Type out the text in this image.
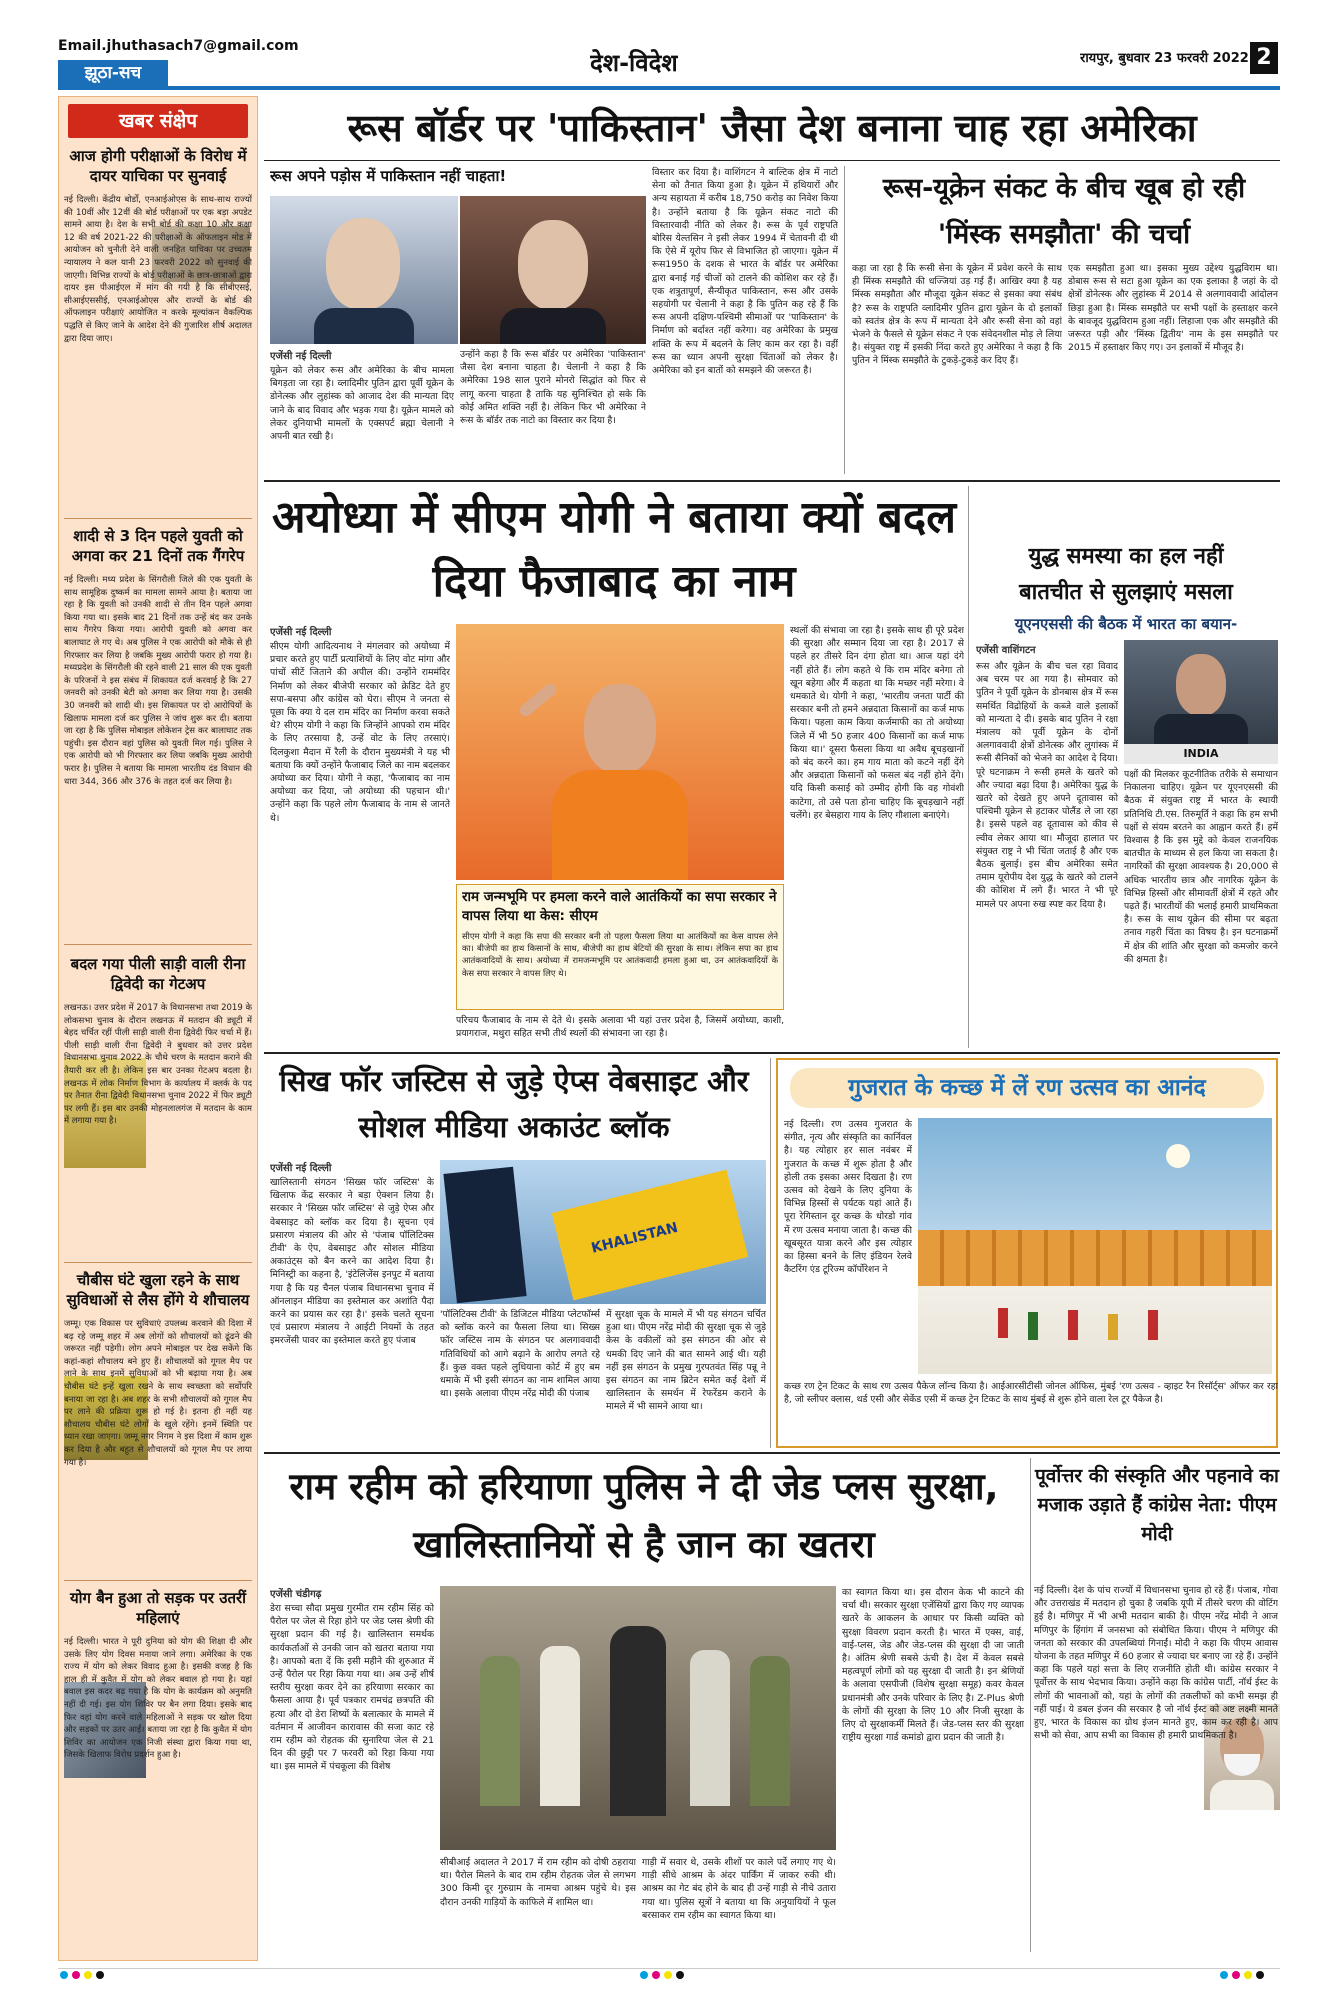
Email.jhuthasach7@gmail.com
झूठा-सच	देश-विदेश	रायपुर, बुधवार 23 फरवरी 2022 2
खबर संक्षेप
आज होगी परीक्षाओं के विरोध में दायर याचिका पर सुनवाई
नई दिल्ली। केंद्रीय बोर्डों, एनआईओएस के साथ-साथ राज्यों की 10वीं और 12वीं की बोर्ड परीक्षाओं पर एक बड़ा अपडेट सामने आया है। देश के सभी बोर्ड की कक्षा 10 और कक्षा 12 की वर्ष 2021-22 की परीक्षाओं के ऑफलाइन मोड में आयोजन को चुनौती देने वाली जनहित याचिका पर उच्चतम न्यायालय ने कल यानी 23 फरवरी 2022 को सुनवाई की जाएगी। विभिन्न राज्यों के बोर्ड परीक्षाओं के छात्र-छात्राओं द्वारा दायर इस पीआईएल में मांग की गयी है कि सीबीएसई, सीआईएससीई, एनआईओएस और राज्यों के बोर्ड की ऑफलाइन परीक्षाएं आयोजित न करके मूल्यांकन वैकल्पिक पद्धति से किए जाने के आदेश देने की गुजारिश शीर्ष अदालत द्वारा दिया जाए।
शादी से 3 दिन पहले युवती को अगवा कर 21 दिनों तक गैंगरेप
नई दिल्ली। मध्य प्रदेश के सिंगरौली जिले की एक युवती के साथ सामूहिक दुष्कर्म का मामला सामने आया है। बताया जा रहा है कि युवती को उनकी शादी से तीन दिन पहले अगवा किया गया था। इसके बाद 21 दिनों तक उन्हें बंद कर उनके साथ गैंगरेप किया गया। आरोपी युवती को अगवा कर बालाघाट ले गए थे। अब पुलिस ने एक आरोपी को मौके से ही गिरफ्तार कर लिया है जबकि मुख्य आरोपी फरार हो गया है। मध्यप्रदेश के सिंगरौली की रहने वाली 21 साल की एक युवती के परिजनों ने इस संबंध में शिकायत दर्ज करवाई है कि 27 जनवरी को उनकी बेटी को अगवा कर लिया गया है। उसकी 30 जनवरी को शादी थी। इस शिकायत पर दो आरोपियों के खिलाफ मामला दर्ज कर पुलिस ने जांच शुरू कर दी। बताया जा रहा है कि पुलिस मोबाइल लोकेशन ट्रेस कर बालाघाट तक पहुंची। इस दौरान वहां पुलिस को युवती मिल गई। पुलिस ने एक आरोपी को भी गिरफ्तार कर लिया जबकि मुख्य आरोपी फरार है। पुलिस ने बताया कि मामला भारतीय दंड विधान की धारा 344, 366 और 376 के तहत दर्ज कर लिया है।
बदल गया पीली साड़ी वाली रीना द्विवेदी का गेटअप
लखनऊ। उत्तर प्रदेश में 2017 के विधानसभा तथा 2019 के लोकसभा चुनाव के दौरान लखनऊ में मतदान की ड्यूटी में बेहद चर्चित रहीं पीली साड़ी वाली रीना द्विवेदी फिर चर्चा में हैं। पीली साड़ी वाली रीना द्विवेदी ने बुधवार को उत्तर प्रदेश विधानसभा चुनाव 2022 के चौथे चरण के मतदान कराने की तैयारी कर ली है। लेकिन इस बार उनका गेटअप बदला है। लखनऊ में लोक निर्माण विभाग के कार्यालय में क्लर्क के पद पर तैनात रीना द्विवेदी विधानसभा चुनाव 2022 में फिर ड्यूटी पर लगी हैं। इस बार उनकी मोहनलालगंज में मतदान के काम में लगाया गया है।
चौबीस घंटे खुला रहने के साथ सुविधाओं से लैस होंगे ये शौचालय
जम्मू। एक विकास पर सुविधाएं उपलब्ध करवाने की दिशा में बढ़ रहे जम्मू शहर में अब लोगों को शौचालयों को ढूंढने की जरूरत नहीं पड़ेगी। लोग अपने मोबाइल पर देख सकेंगे कि कहां-कहां शौचालय बने हुए हैं। शौचालयों को गूगल मैप पर लाने के साथ इनमें सुविधाओं को भी बढ़ाया गया है। अब चौबीस घंटे इन्हें खुला रखने के साथ स्वच्छता को सर्वोपरि बनाया जा रहा है। अब शहर के सभी शौचालयों को गूगल मैप पर लाने की प्रक्रिया शुरू हो गई है। इतना ही नहीं यह शौचालय चौबीस घंटे लोगों के खुले रहेंगे। इनमें स्थिति पर ध्यान रखा जाएगा। जम्मू नगर निगम ने इस दिशा में काम शुरू कर दिया है और बहुत से शौचालयों को गूगल मैप पर लाया गया है।
योग बैन हुआ तो सड़क पर उतरीं महिलाएं
नई दिल्ली। भारत ने पूरी दुनिया को योग की शिक्षा दी और उसके लिए योग दिवस मनाया जाने लगा। अमेरिका के एक राज्य में योग को लेकर विवाद हुआ है। इसकी वजह है कि हाल ही में कुवैत में योग को लेकर बवाल हो गया है। यहां बवाल इस कदर बढ़ गया है कि योग के कार्यक्रम को अनुमति नहीं दी गई। इस योग शिविर पर बैन लगा दिया। इसके बाद फिर वहां योग करने वाले महिलाओं ने सड़क पर खोल दिया और सड़कों पर उतर आईं। बताया जा रहा है कि कुवैत में योग शिविर का आयोजन एक निजी संस्था द्वारा किया गया था, जिसके खिलाफ विरोध प्रदर्शन हुआ है।
रूस बॉर्डर पर 'पाकिस्तान' जैसा देश बनाना चाह रहा अमेरिका
रूस अपने पड़ोस में पाकिस्तान नहीं चाहता!
एजेंसी नई दिल्ली
यूक्रेन को लेकर रूस और अमेरिका के बीच मामला बिगड़ता जा रहा है। व्लादिमीर पुतिन द्वारा पूर्वी यूक्रेन के डोनेत्स्क और लुहांस्क को आजाद देश की मान्यता दिए जाने के बाद विवाद और भड़क गया है। यूक्रेन मामले को लेकर दुनियाभी मामलों के एक्सपर्ट ब्रह्मा चेलानी ने अपनी बात रखी है।
उन्होंने कहा है कि रूस बॉर्डर पर अमेरिका 'पाकिस्तान' जैसा देश बनाना चाहता है। चेलानी ने कहा है कि अमेरिका 198 साल पुराने मोनरो सिद्धांत को फिर से लागू करना चाहता है ताकि यह सुनिश्चित हो सके कि कोई अमित शक्ति नहीं है। लेकिन फिर भी अमेरिका ने रूस के बॉर्डर तक नाटो का विस्तार कर दिया है।
विस्तार कर दिया है। वाशिंगटन ने बाल्टिक क्षेत्र में नाटो सेना को तैनात किया हुआ है। यूक्रेन में हथियारों और अन्य सहायता में करीब 18,750 करोड़ का निवेश किया है। उन्होंने बताया है कि यूक्रेन संकट नाटो की विस्तारवादी नीति को लेकर है। रूस के पूर्व राष्ट्रपति बोरिस येल्तसिन ने इसी लेकर 1994 में चेतावनी दी थी कि ऐसे में यूरोप फिर से विभाजित हो जाएगा। यूक्रेन में रूस1950 के दशक से भारत के बॉर्डर पर अमेरिका द्वारा बनाई गई चीजों को टालने की कोशिश कर रहे हैं। एक शत्रुतापूर्ण, सैन्यीकृत पाकिस्तान, रूस और उसके सहयोगी पर चेलानी ने कहा है कि पुतिन कह रहे हैं कि रूस अपनी दक्षिण-पश्चिमी सीमाओं पर 'पाकिस्तान' के निर्माण को बर्दाश्त नहीं करेगा। वह अमेरिका के प्रमुख शक्ति के रूप में बदलने के लिए काम कर रहा है। वहीं रूस का ध्यान अपनी सुरक्षा चिंताओं को लेकर है। अमेरिका को इन बातों को समझने की जरूरत है।
रूस-यूक्रेन संकट के बीच खूब हो रही 'मिंस्क समझौता' की चर्चा
कहा जा रहा है कि रूसी सेना के यूक्रेन में प्रवेश करने के साथ ही मिंस्क समझौते की धज्जियां उड़ गई हैं। आखिर क्या है यह मिंस्क समझौता और मौजूदा यूक्रेन संकट से इसका क्या संबंध है? रूस के राष्ट्रपति व्लादिमीर पुतिन द्वारा यूक्रेन के दो इलाकों को स्वतंत्र क्षेत्र के रूप में मान्यता देने और रूसी सेना को वहां भेजने के फैसले से यूक्रेन संकट ने एक संवेदनशील मोड़ ले लिया है। संयुक्त राष्ट्र में इसकी निंदा करते हुए अमेरिका ने कहा है कि पुतिन ने मिंस्क समझौते के टुकड़े-टुकड़े कर दिए हैं।
एक समझौता हुआ था। इसका मुख्य उद्देश्य युद्धविराम था। डोबास रूस से सटा हुआ यूक्रेन का एक इलाका है जहां के दो क्षेत्रों डोनेत्स्क और लुहांस्क में 2014 से अलगाववादी आंदोलन छिड़ा हुआ है। मिंस्क समझौते पर सभी पक्षों के हस्ताक्षर करने के बावजूद युद्धविराम हुआ नहीं। लिहाजा एक और समझौते की जरूरत पड़ी और 'मिंस्क द्वितीय' नाम के इस समझौते पर 2015 में हस्ताक्षर किए गए। उन इलाकों में मौजूद है।
अयोध्या में सीएम योगी ने बताया क्यों बदल दिया फैजाबाद का नाम
एजेंसी नई दिल्ली
सीएम योगी आदित्यनाथ ने मंगलवार को अयोध्या में प्रचार करते हुए पार्टी प्रत्याशियों के लिए वोट मांगा और पांचों सीटें जिताने की अपील की। उन्होंने राममंदिर निर्माण को लेकर बीजेपी सरकार को क्रेडिट देते हुए सपा-बसपा और कांग्रेस को घेरा। सीएम ने जनता से पूछा कि क्या ये दल राम मंदिर का निर्माण करवा सकते थे? सीएम योगी ने कहा कि जिन्होंने आपको राम मंदिर के लिए तरसाया है, उन्हें वोट के लिए तरसाएं। दिलकुशा मैदान में रैली के दौरान मुख्यमंत्री ने यह भी बताया कि क्यों उन्होंने फैजाबाद जिले का नाम बदलकर अयोध्या कर दिया। योगी ने कहा, 'फैजाबाद का नाम अयोध्या कर दिया, जो अयोध्या की पहचान थी।' उन्होंने कहा कि पहले लोग फैजाबाद के नाम से जानते थे।
राम जन्मभूमि पर हमला करने वाले आतंकियों का सपा सरकार ने वापस लिया था केस: सीएम
सीएम योगी ने कहा कि सपा की सरकार बनी तो पहला फैसला लिया था आतंकियों का केस वापस लेने का। बीजेपी का हाथ किसानों के साथ, बीजेपी का हाथ बेटियों की सुरक्षा के साथ। लेकिन सपा का हाथ आतंकवादियों के साथ। अयोध्या में रामजन्मभूमि पर आतंकवादी हमला हुआ था, उन आतंकवादियों के केस सपा सरकार ने वापस लिए थे।
परिचय फैजाबाद के नाम से देते थे। इसके अलावा भी यहां उत्तर प्रदेश है, जिसमें अयोध्या, काशी, प्रयागराज, मथुरा सहित सभी तीर्थ स्थलों की संभावना जा रहा है।
स्थलों की संभावा जा रहा है। इसके साथ ही पूरे प्रदेश की सुरक्षा और सम्मान दिया जा रहा है। 2017 से पहले हर तीसरे दिन दंगा होता था। आज यहां दंगे नहीं होते हैं। लोग कहते थे कि राम मंदिर बनेगा तो खून बहेगा और मैं कहता था कि मच्छर नहीं मरेगा। वे धमकाते थे। योगी ने कहा, 'भारतीय जनता पार्टी की सरकार बनी तो हमने अन्नदाता किसानों का कर्ज माफ किया। पहला काम किया कर्जमाफी का तो अयोध्या जिले में भी 50 हजार 400 किसानों का कर्ज माफ किया था।' दूसरा फैसला किया था अवैध बूचड़खानों को बंद करने का। हम गाय माता को कटने नहीं देंगे और अन्नदाता किसानों को फसल बंद नहीं होने देंगे। यदि किसी कसाई को उम्मीद होगी कि वह गोवंशी काटेगा, तो उसे पता होना चाहिए कि बूचड़खाने नहीं चलेंगे। हर बेसहारा गाय के लिए गौशाला बनाएंगे।
युद्ध समस्या का हल नहीं
बातचीत से सुलझाएं मसला
यूएनएससी की बैठक में भारत का बयान-
एजेंसी वाशिंगटन
INDIA
रूस और यूक्रेन के बीच चल रहा विवाद अब चरम पर आ गया है। सोमवार को पुतिन ने पूर्वी यूक्रेन के डोनबास क्षेत्र में रूस समर्थित विद्रोहियों के कब्जे वाले इलाकों को मान्यता दे दी। इसके बाद पुतिन ने रक्षा मंत्रालय को पूर्वी यूक्रेन के दोनों अलगाववादी क्षेत्रों डोनेत्स्क और लुगांस्क में रूसी सैनिकों को भेजने का आदेश दे दिया। पूरे घटनाक्रम ने रूसी हमले के खतरे को और ज्यादा बढ़ा दिया है। अमेरिका युद्ध के खतरे को देखते हुए अपने दूतावास को पश्चिमी यूक्रेन से हटाकर पोलैंड ले जा रहा है। इससे पहले वह दूतावास को कीव से ल्वीव लेकर आया था। मौजूदा हालात पर संयुक्त राष्ट्र ने भी चिंता जताई है और एक बैठक बुलाई। इस बीच अमेरिका समेत तमाम यूरोपीय देश युद्ध के खतरे को टालने की कोशिश में लगे हैं। भारत ने भी पूरे मामले पर अपना रुख स्पष्ट कर दिया है।
पक्षों की मिलकर कूटनीतिक तरीके से समाधान निकालना चाहिए। यूक्रेन पर यूएनएससी की बैठक में संयुक्त राष्ट्र में भारत के स्थायी प्रतिनिधि टी.एस. तिरुमूर्ति ने कहा कि हम सभी पक्षों से संयम बरतने का आह्वान करते हैं। हमें विश्वास है कि इस मुद्दे को केवल राजनयिक बातचीत के माध्यम से हल किया जा सकता है। नागरिकों की सुरक्षा आवश्यक है। 20,000 से अधिक भारतीय छात्र और नागरिक यूक्रेन के विभिन्न हिस्सों और सीमावर्ती क्षेत्रों में रहते और पढ़ते हैं। भारतीयों की भलाई हमारी प्राथमिकता है। रूस के साथ यूक्रेन की सीमा पर बढ़ता तनाव गहरी चिंता का विषय है। इन घटनाक्रमों में क्षेत्र की शांति और सुरक्षा को कमजोर करने की क्षमता है।
सिख फॉर जस्टिस से जुड़े ऐप्स वेबसाइट और सोशल मीडिया अकाउंट ब्लॉक
एजेंसी नई दिल्ली
खालिस्तानी संगठन 'सिख्स फॉर जस्टिस' के खिलाफ केंद्र सरकार ने बड़ा ऐक्शन लिया है। सरकार ने 'सिख्स फॉर जस्टिस' से जुड़े ऐप्स और वेबसाइट को ब्लॉक कर दिया है। सूचना एवं प्रसारण मंत्रालय की ओर से 'पंजाब पॉलिटिक्स टीवी' के ऐप, वेबसाइट और सोशल मीडिया अकाउंट्स को बैन करने का आदेश दिया है। मिनिस्ट्री का कहना है, 'इंटेलिजेंस इनपुट में बताया गया है कि यह चैनल पंजाब विधानसभा चुनाव में ऑनलाइन मीडिया का इस्तेमाल कर अशांति पैदा करने का प्रयास कर रहा है।' इसके चलते सूचना एवं प्रसारण मंत्रालय ने आईटी नियमों के तहत इमरजेंसी पावर का इस्तेमाल करते हुए पंजाब
KHALISTAN
'पॉलिटिक्स टीवी' के डिजिटल मीडिया प्लेटफॉर्म्स को ब्लॉक करने का फैसला लिया था। सिख्स फॉर जस्टिस नाम के संगठन पर अलगाववादी गतिविधियों को आगे बढ़ाने के आरोप लगते रहे हैं। कुछ वक्त पहले लुधियाना कोर्ट में हुए बम धमाके में भी इसी संगठन का नाम शामिल आया था। इसके अलावा पीएम नरेंद्र मोदी की पंजाब
में सुरक्षा चूक के मामले में भी यह संगठन चर्चित हुआ था। पीएम नरेंद्र मोदी की सुरक्षा चूक से जुड़े केस के वकीलों को इस संगठन की ओर से धमकी दिए जाने की बात सामने आई थी। यही नहीं इस संगठन के प्रमुख गुरपतवंत सिंह पन्नू ने इस संगठन का नाम ब्रिटेन समेत कई देशों में खालिस्तान के समर्थन में रेफरेंडम कराने के मामले में भी सामने आया था।
गुजरात के कच्छ में लें रण उत्सव का आनंद
नई दिल्ली। रण उत्सव गुजरात के संगीत, नृत्य और संस्कृति का कार्निवल है। यह त्योहार हर साल नवंबर में गुजरात के कच्छ में शुरू होता है और होली तक इसका असर दिखता है। रण उत्सव को देखने के लिए दुनिया के विभिन्न हिस्सों से पर्यटक यहां आते हैं। पूरा रेगिस्तान दूर कच्छ के धोरडो गांव में रण उत्सव मनाया जाता है। कच्छ की खूबसूरत यात्रा करने और इस त्योहार का हिस्सा बनने के लिए इंडियन रेलवे कैटरिंग एंड टूरिज्म कॉर्पोरेशन ने
कच्छ रण ट्रेन टिकट के साथ रण उत्सव पैकेज लॉन्च किया है। आईआरसीटीसी जोनल ऑफिस, मुंबई 'रण उत्सव - व्हाइट रैन रिसॉर्ट्स' ऑफर कर रहा है, जो स्लीपर क्लास, थर्ड एसी और सेकेंड एसी में कच्छ ट्रेन टिकट के साथ मुंबई से शुरू होने वाला रेल टूर पैकेज है।
राम रहीम को हरियाणा पुलिस ने दी जेड प्लस सुरक्षा, खालिस्तानियों से है जान का खतरा
एजेंसी चंडीगढ़
डेरा सच्चा सौदा प्रमुख गुरमीत राम रहीम सिंह को पैरोल पर जेल से रिहा होने पर जेड प्लस श्रेणी की सुरक्षा प्रदान की गई है। खालिस्तान समर्थक कार्यकर्ताओं से उनकी जान को खतरा बताया गया है। आपको बता दें कि इसी महीने की शुरुआत में उन्हें पैरोल पर रिहा किया गया था। अब उन्हें शीर्ष स्तरीय सुरक्षा कवर देने का हरियाणा सरकार का फैसला आया है। पूर्व पत्रकार रामचंद्र छत्रपति की हत्या और दो डेरा शिष्यों के बलात्कार के मामले में वर्तमान में आजीवन कारावास की सजा काट रहे राम रहीम को रोहतक की सुनारिया जेल से 21 दिन की छुट्टी पर 7 फरवरी को रिहा किया गया था। इस मामले में पंचकूला की विशेष
सीबीआई अदालत ने 2017 में राम रहीम को दोषी ठहराया था। पैरोल मिलने के बाद राम रहीम रोहतक जेल से लगभग 300 किमी दूर गुरुग्राम के नामचा आश्रम पहुंचे थे। इस दौरान उनकी गाड़ियों के काफिले में शामिल था।
गाड़ी में सवार थे, उसके शीशों पर काले पर्दे लगाए गए थे। गाड़ी सीधे आश्रम के अंदर पार्किंग में जाकर रुकी थी। आश्रम का गेट बंद होने के बाद ही उन्हें गाड़ी से नीचे उतारा गया था। पुलिस सूत्रों ने बताया था कि अनुयायियों ने फूल बरसाकर राम रहीम का स्वागत किया था।
का स्वागत किया था। इस दौरान केक भी काटने की चर्चा थी। सरकार सुरक्षा एजेंसियों द्वारा किए गए व्यापक खतरे के आकलन के आधार पर किसी व्यक्ति को सुरक्षा विवरण प्रदान करती है। भारत में एक्स, वाई, वाई-प्लस, जेड और जेड-प्लस की सुरक्षा दी जा जाती है। अंतिम श्रेणी सबसे ऊंची है। देश में केवल सबसे महत्वपूर्ण लोगों को यह सुरक्षा दी जाती है। इन श्रेणियों के अलावा एसपीजी (विशेष सुरक्षा समूह) कवर केवल प्रधानमंत्री और उनके परिवार के लिए है। Z-Plus श्रेणी के लोगों की सुरक्षा के लिए 10 और निजी सुरक्षा के लिए दो सुरक्षाकर्मी मिलते हैं। जेड-प्लस स्तर की सुरक्षा राष्ट्रीय सुरक्षा गार्ड कमांडो द्वारा प्रदान की जाती है।
पूर्वोत्तर की संस्कृति और पहनावे का मजाक उड़ाते हैं कांग्रेस नेता: पीएम मोदी
नई दिल्ली। देश के पांच राज्यों में विधानसभा चुनाव हो रहे हैं। पंजाब, गोवा और उत्तराखंड में मतदान हो चुका है जबकि यूपी में तीसरे चरण की वोटिंग हुई है। मणिपुर में भी अभी मतदान बाकी है। पीएम नरेंद्र मोदी ने आज मणिपुर के हिंगांग में जनसभा को संबोधित किया। पीएम ने मणिपुर की जनता को सरकार की उपलब्धियां गिनाईं। मोदी ने कहा कि पीएम आवास योजना के तहत मणिपुर में 60 हजार से ज्यादा घर बनाए जा रहे हैं। उन्होंने कहा कि पहले यहां सत्ता के लिए राजनीति होती थी। कांग्रेस सरकार ने पूर्वोत्तर के साथ भेदभाव किया। उन्होंने कहा कि कांग्रेस पार्टी, नॉर्थ ईस्ट के लोगों की भावनाओं को, यहां के लोगों की तकलीफों को कभी समझ ही नहीं पाई। ये डबल इंजन की सरकार है जो नॉर्थ ईस्ट को अष्ट लक्ष्मी मानते हुए, भारत के विकास का ग्रोथ इंजन मानते हुए, काम कर रही है। आप सभी को सेवा, आप सभी का विकास ही हमारी प्राथमिकता है।
